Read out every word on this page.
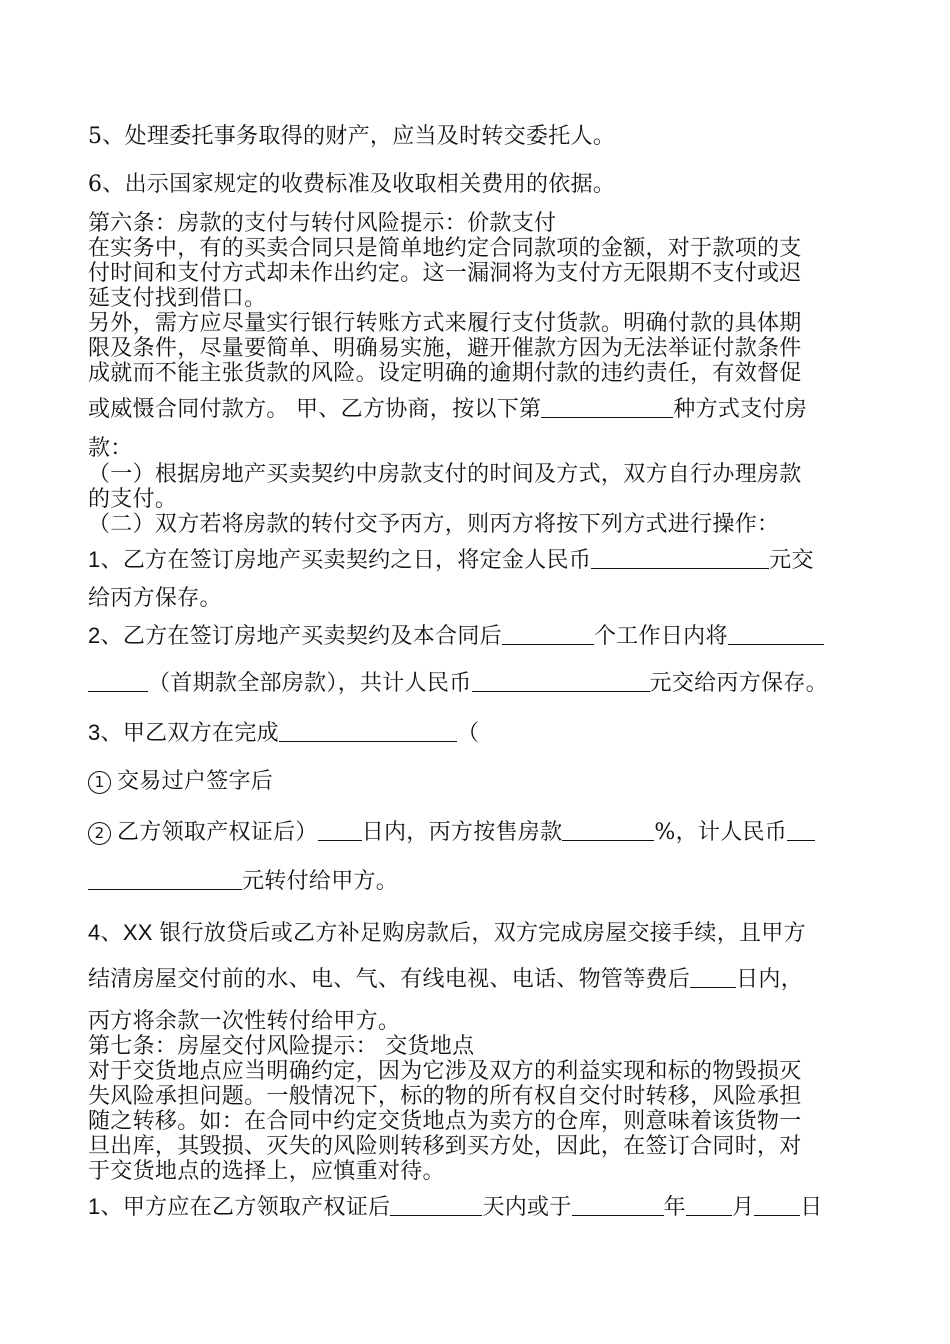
5、处理委托事务取得的财产，应当及时转交委托人。
6、出示国家规定的收费标准及收取相关费用的依据。
第六条：房款的支付与转付风险提示：价款支付
在实务中，有的买卖合同只是简单地约定合同款项的金额，对于款项的支
付时间和支付方式却未作出约定。这一漏洞将为支付方无限期不支付或迟
延支付找到借口。
另外，需方应尽量实行银行转账方式来履行支付货款。明确付款的具体期
限及条件，尽量要简单、明确易实施，避开催款方因为无法举证付款条件
成就而不能主张货款的风险。设定明确的逾期付款的违约责任，有效督促
或威慑合同付款方。 甲、乙方协商，按以下第	种方式支付房
款：
（一）根据房地产买卖契约中房款支付的时间及方式，双方自行办理房款
的支付。
（二）双方若将房款的转付交予丙方，则丙方将按下列方式进行操作：
1、乙方在签订房地产买卖契约之日，将定金人民币	元交
给丙方保存。
2、乙方在签订房地产买卖契约及本合同后	个工作日内将
（首期款全部房款），共计人民币	元交给丙方保存。
3、甲乙双方在完成	（
1 交易过户签字后
2 乙方领取产权证后） 日内，丙方按售房款	%，计人民币
元转付给甲方。
4、XX 银行放贷后或乙方补足购房款后，双方完成房屋交接手续，且甲方
结清房屋交付前的水、电、气、有线电视、电话、物管等费后 日内，
丙方将余款一次性转付给甲方。
第七条：房屋交付风险提示： 交货地点
对于交货地点应当明确约定，因为它涉及双方的利益实现和标的物毁损灭
失风险承担问题。一般情况下，标的物的所有权自交付时转移，风险承担
随之转移。如：在合同中约定交货地点为卖方的仓库，则意味着该货物一
旦出库，其毁损、灭失的风险则转移到买方处，因此，在签订合同时，对
于交货地点的选择上，应慎重对待。
1、甲方应在乙方领取产权证后	天内或于	年 月 日
